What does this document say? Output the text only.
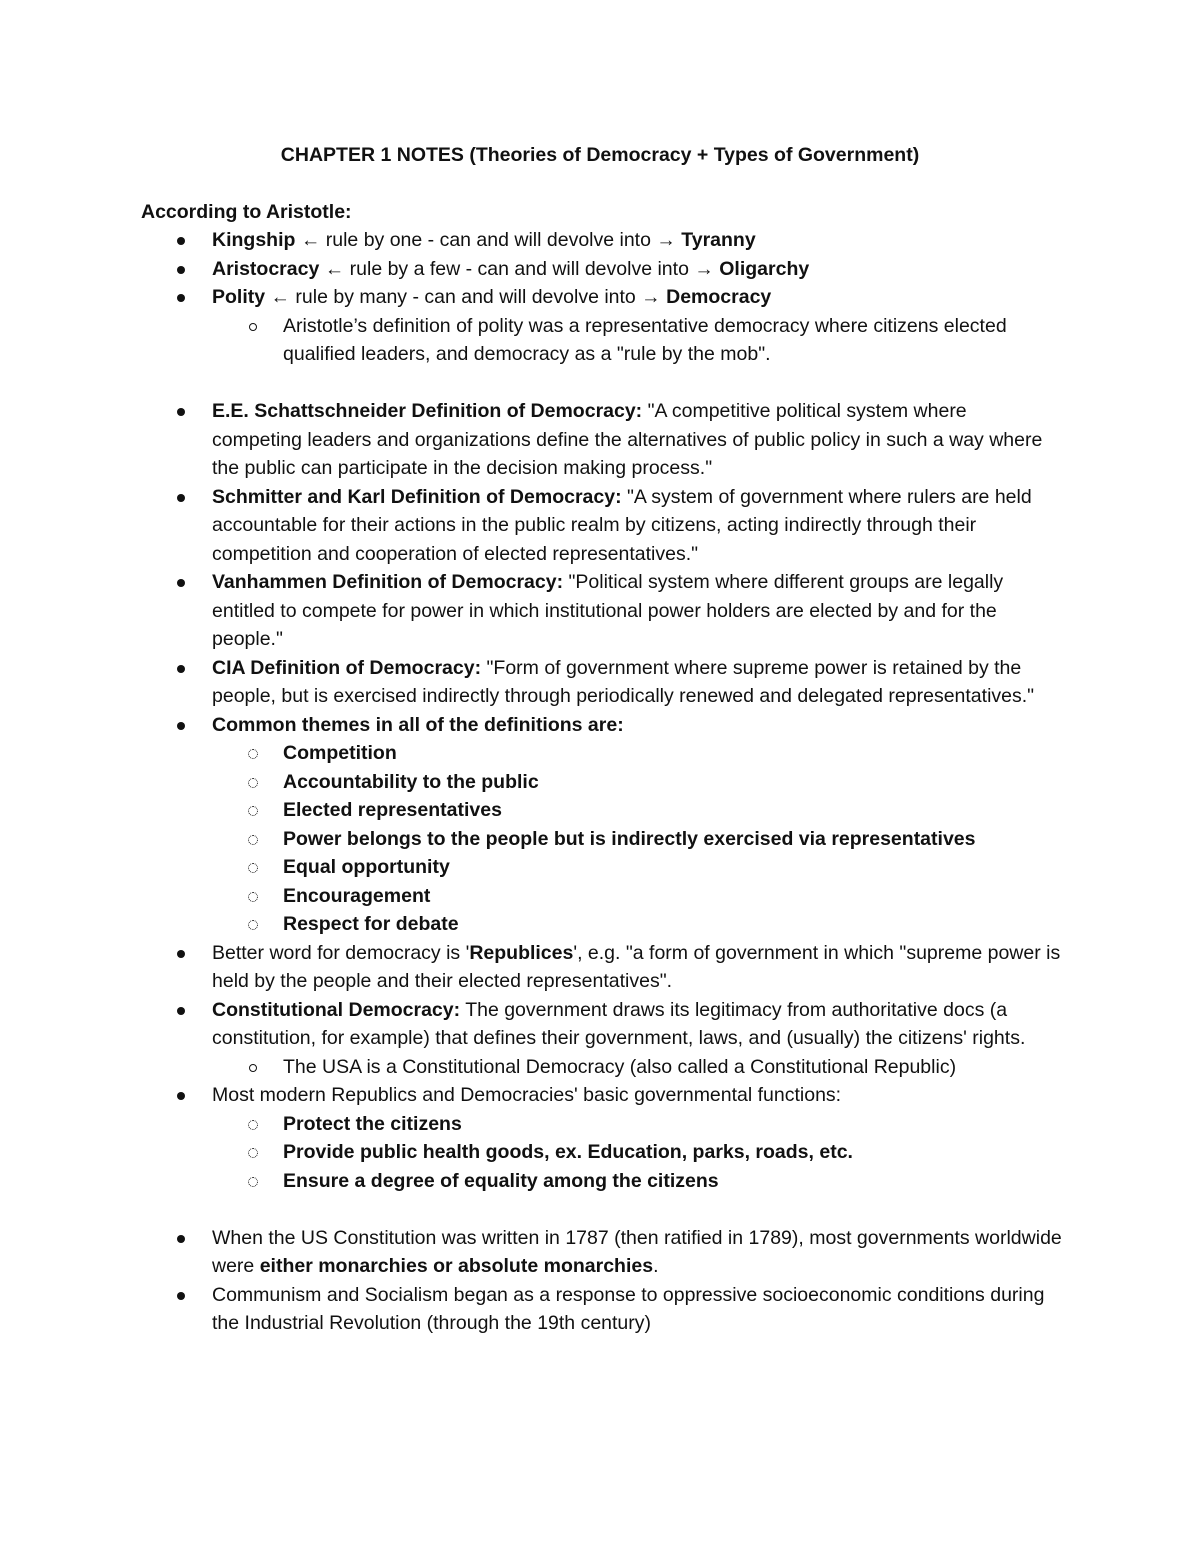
CHAPTER 1 NOTES (Theories of Democracy + Types of Government)
According to Aristotle:
Kingship ← rule by one - can and will devolve into → Tyranny
Aristocracy ← rule by a few - can and will devolve into → Oligarchy
Polity ← rule by many - can and will devolve into → Democracy
Aristotle’s definition of polity was a representative democracy where citizens elected qualified leaders, and democracy as a "rule by the mob".
E.E. Schattschneider Definition of Democracy: "A competitive political system where competing leaders and organizations define the alternatives of public policy in such a way where the public can participate in the decision making process."
Schmitter and Karl Definition of Democracy: "A system of government where rulers are held accountable for their actions in the public realm by citizens, acting indirectly through their competition and cooperation of elected representatives."
Vanhammen Definition of Democracy: "Political system where different groups are legally entitled to compete for power in which institutional power holders are elected by and for the people."
CIA Definition of Democracy: "Form of government where supreme power is retained by the people, but is exercised indirectly through periodically renewed and delegated representatives."
Common themes in all of the definitions are:
Competition
Accountability to the public
Elected representatives
Power belongs to the people but is indirectly exercised via representatives
Equal opportunity
Encouragement
Respect for debate
Better word for democracy is 'Republices', e.g. "a form of government in which "supreme power is held by the people and their elected representatives".
Constitutional Democracy: The government draws its legitimacy from authoritative docs (a constitution, for example) that defines their government, laws, and (usually) the citizens' rights.
The USA is a Constitutional Democracy (also called a Constitutional Republic)
Most modern Republics and Democracies' basic governmental functions:
Protect the citizens
Provide public health goods, ex. Education, parks, roads, etc.
Ensure a degree of equality among the citizens
When the US Constitution was written in 1787 (then ratified in 1789), most governments worldwide were either monarchies or absolute monarchies.
Communism and Socialism began as a response to oppressive socioeconomic conditions during the Industrial Revolution (through the 19th century)
